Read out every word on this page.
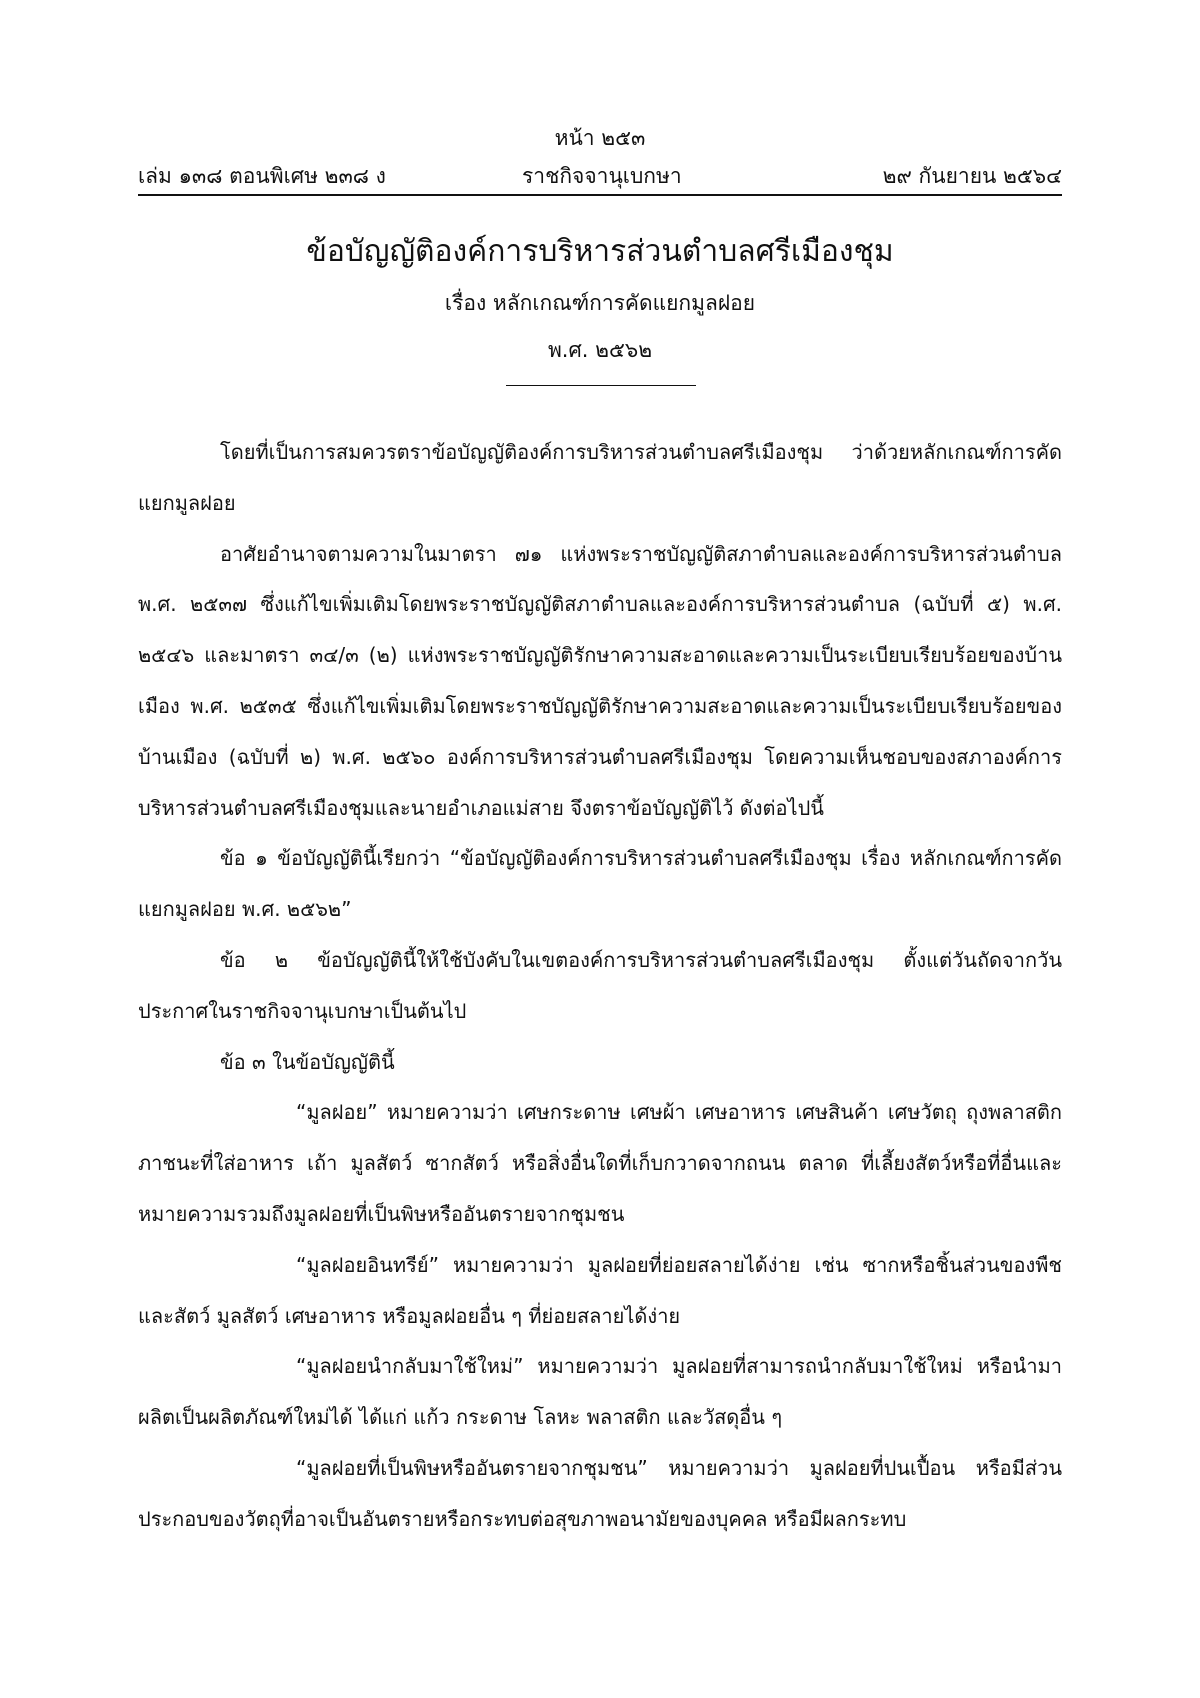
หน้า ๒๕๓
เล่ม ๑๓๘ ตอนพิเศษ ๒๓๘ ง	ราชกิจจานุเบกษา	๒๙ กันยายน ๒๕๖๔
ข้อบัญญัติองค์การบริหารส่วนตำบลศรีเมืองชุม
เรื่อง หลักเกณฑ์การคัดแยกมูลฝอย
พ.ศ. ๒๕๖๒

โดยที่เป็นการสมควรตราข้อบัญญัติองค์การบริหารส่วนตำบลศรีเมืองชุม ว่าด้วยหลักเกณฑ์การคัดแยกมูลฝอย

อาศัยอำนาจตามความในมาตรา ๗๑ แห่งพระราชบัญญัติสภาตำบลและองค์การบริหารส่วนตำบล พ.ศ. ๒๕๓๗ ซึ่งแก้ไขเพิ่มเติมโดยพระราชบัญญัติสภาตำบลและองค์การบริหารส่วนตำบล (ฉบับที่ ๕) พ.ศ. ๒๕๔๖ และมาตรา ๓๔/๓ (๒) แห่งพระราชบัญญัติรักษาความสะอาดและความเป็นระเบียบเรียบร้อยของบ้านเมือง พ.ศ. ๒๕๓๕ ซึ่งแก้ไขเพิ่มเติมโดยพระราชบัญญัติรักษาความสะอาดและความเป็นระเบียบเรียบร้อยของบ้านเมือง (ฉบับที่ ๒) พ.ศ. ๒๕๖๐ องค์การบริหารส่วนตำบลศรีเมืองชุม โดยความเห็นชอบของสภาองค์การบริหารส่วนตำบลศรีเมืองชุมและนายอำเภอแม่สาย จึงตราข้อบัญญัติไว้ ดังต่อไปนี้

ข้อ ๑ ข้อบัญญัตินี้เรียกว่า “ข้อบัญญัติองค์การบริหารส่วนตำบลศรีเมืองชุม เรื่อง หลักเกณฑ์การคัดแยกมูลฝอย พ.ศ. ๒๕๖๒”

ข้อ ๒ ข้อบัญญัตินี้ให้ใช้บังคับในเขตองค์การบริหารส่วนตำบลศรีเมืองชุม ตั้งแต่วันถัดจากวันประกาศในราชกิจจานุเบกษาเป็นต้นไป

ข้อ ๓ ในข้อบัญญัตินี้

“มูลฝอย” หมายความว่า เศษกระดาษ เศษผ้า เศษอาหาร เศษสินค้า เศษวัตถุ ถุงพลาสติก ภาชนะที่ใส่อาหาร เถ้า มูลสัตว์ ซากสัตว์ หรือสิ่งอื่นใดที่เก็บกวาดจากถนน ตลาด ที่เลี้ยงสัตว์หรือที่อื่นและหมายความรวมถึงมูลฝอยที่เป็นพิษหรืออันตรายจากชุมชน

“มูลฝอยอินทรีย์” หมายความว่า มูลฝอยที่ย่อยสลายได้ง่าย เช่น ซากหรือชิ้นส่วนของพืช และสัตว์ มูลสัตว์ เศษอาหาร หรือมูลฝอยอื่น ๆ ที่ย่อยสลายได้ง่าย

“มูลฝอยนำกลับมาใช้ใหม่” หมายความว่า มูลฝอยที่สามารถนำกลับมาใช้ใหม่ หรือนำมาผลิตเป็นผลิตภัณฑ์ใหม่ได้ ได้แก่ แก้ว กระดาษ โลหะ พลาสติก และวัสดุอื่น ๆ

“มูลฝอยที่เป็นพิษหรืออันตรายจากชุมชน” หมายความว่า มูลฝอยที่ปนเปื้อน หรือมีส่วนประกอบของวัตถุที่อาจเป็นอันตรายหรือกระทบต่อสุขภาพอนามัยของบุคคล หรือมีผลกระทบ
